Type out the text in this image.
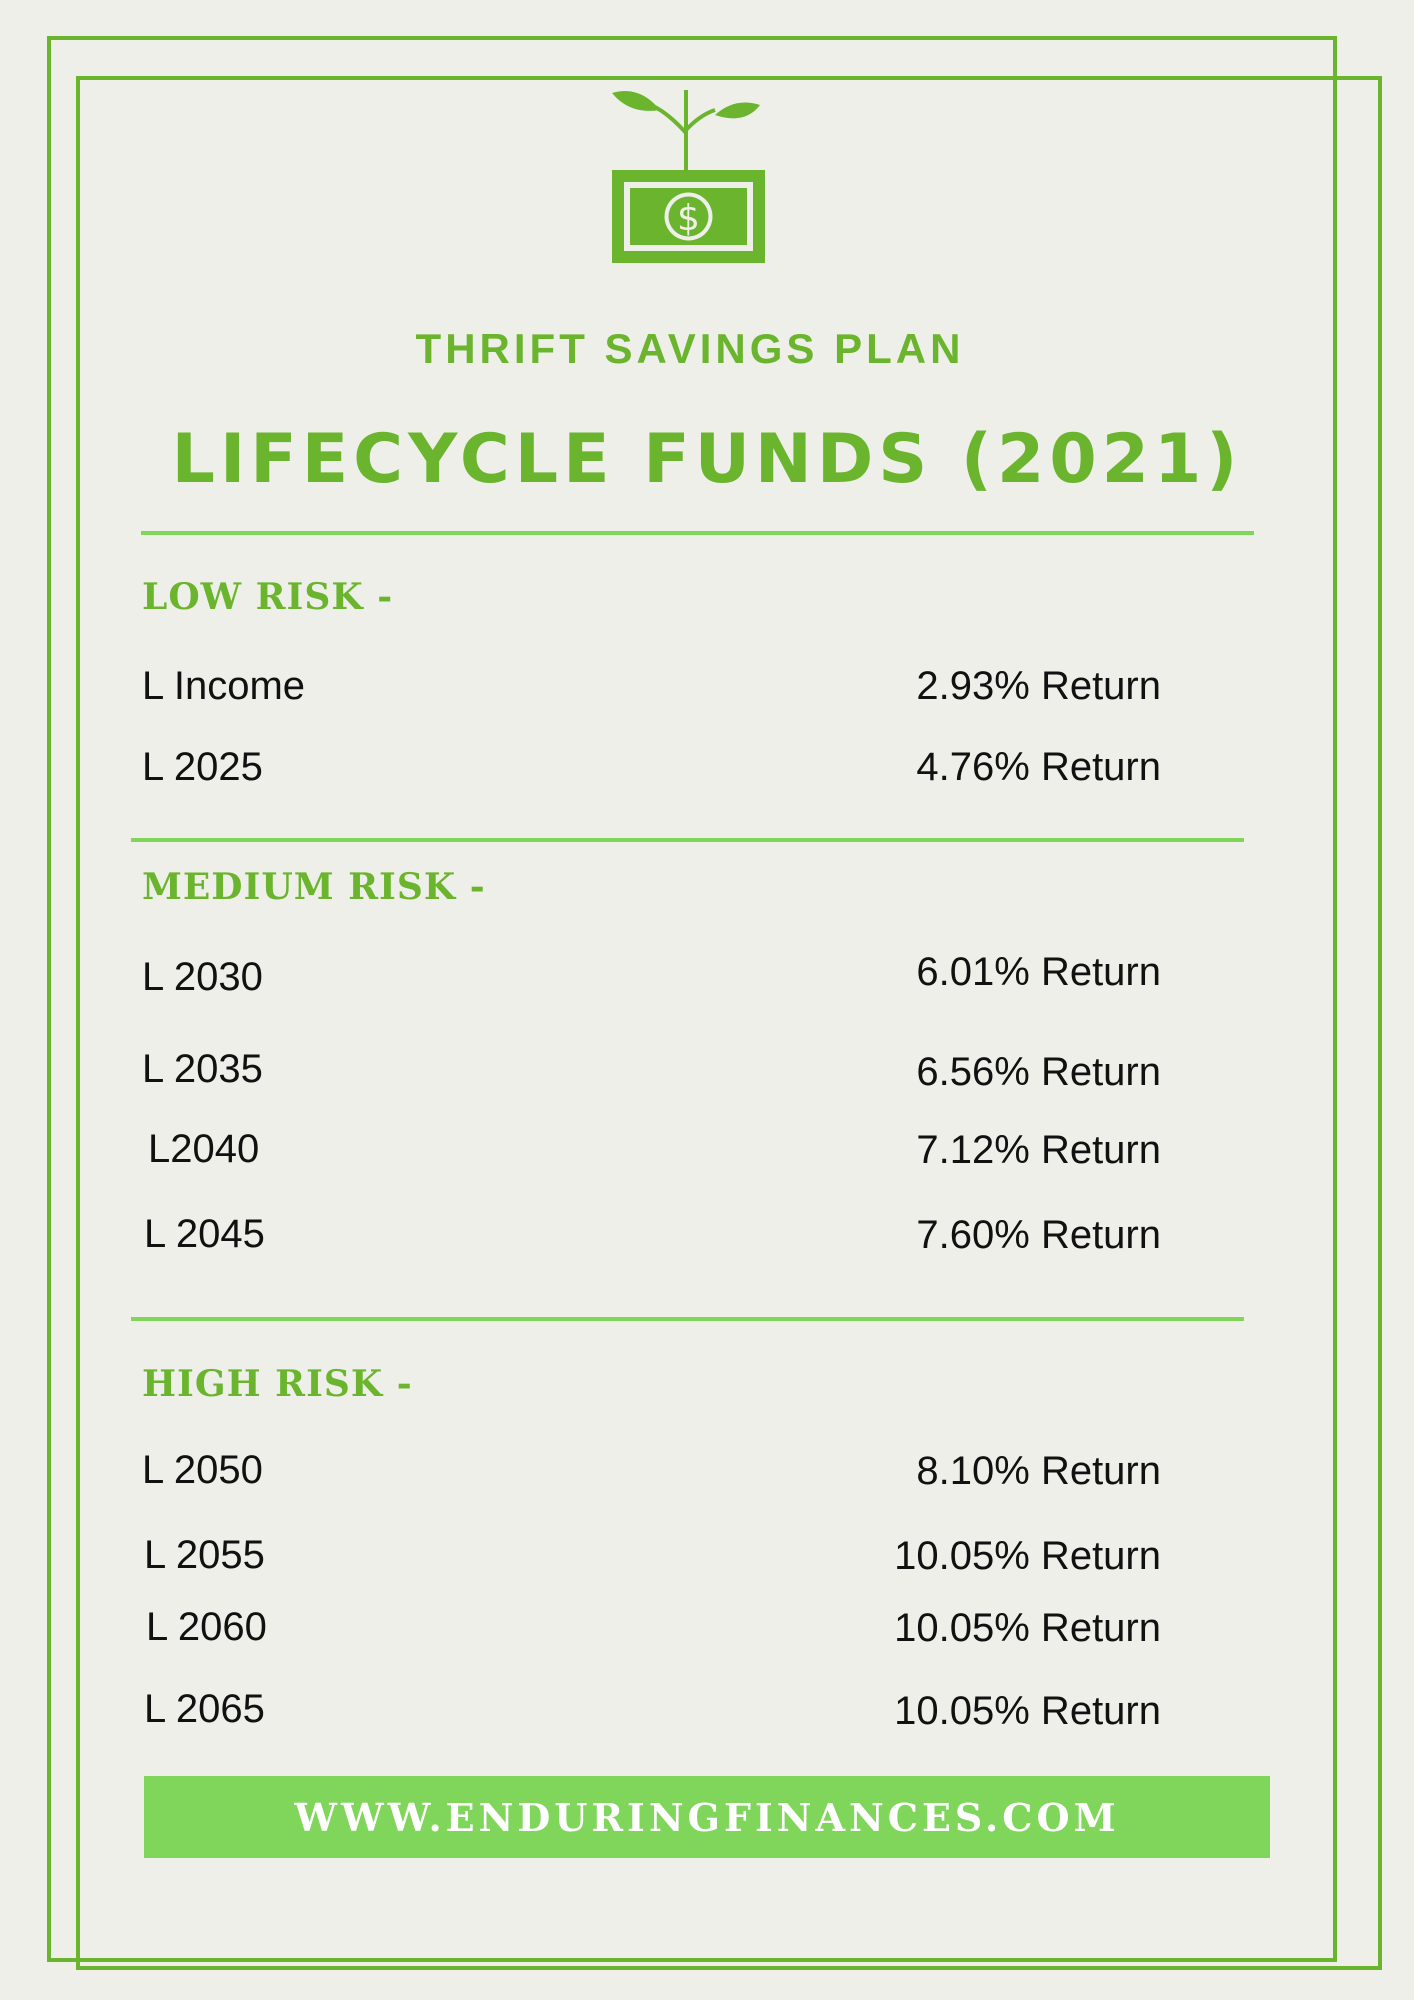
$
THRIFT SAVINGS PLAN
LIFECYCLE FUNDS (2021)
LOW RISK -
L Income	2.93% Return
L 2025	4.76% Return
MEDIUM RISK -
L 2030	6.01% Return
L 2035	6.56% Return
L2040	7.12% Return
L 2045	7.60% Return
HIGH RISK -
L 2050	8.10% Return
L 2055	10.05% Return
L 2060	10.05% Return
L 2065	10.05% Return
WWW.ENDURINGFINANCES.COM
